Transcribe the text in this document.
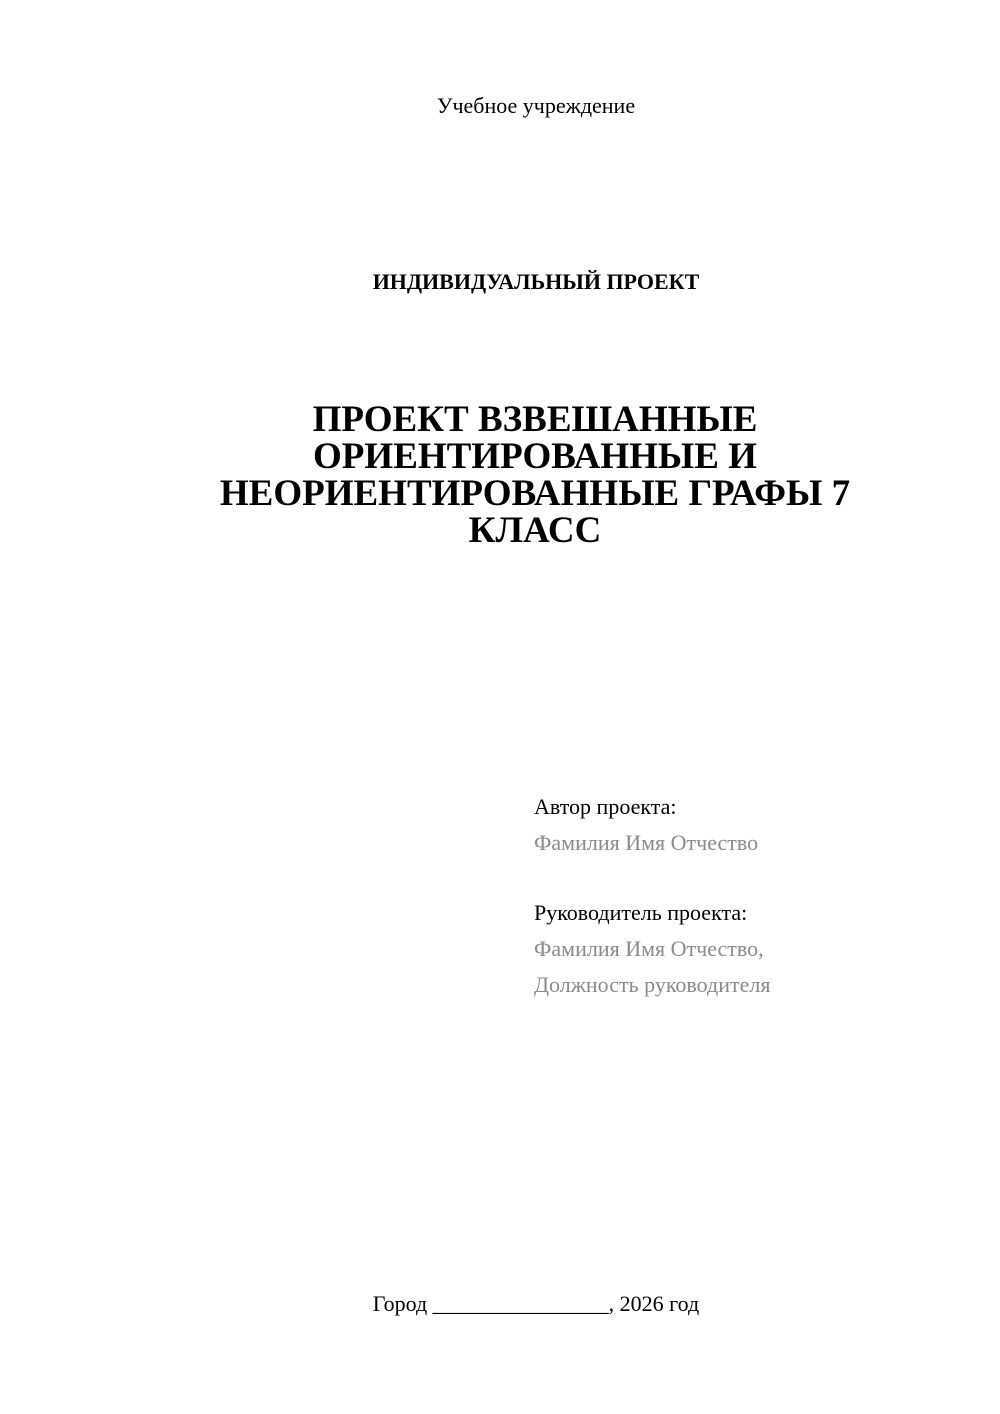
Учебное учреждение
ИНДИВИДУАЛЬНЫЙ ПРОЕКТ
ПРОЕКТ ВЗВЕШАННЫЕ ОРИЕНТИРОВАННЫЕ И НЕОРИЕНТИРОВАННЫЕ ГРАФЫ 7 КЛАСС
Автор проекта:
Фамилия Имя Отчество
Руководитель проекта:
Фамилия Имя Отчество,
Должность руководителя
Город ________________, 2026 год
